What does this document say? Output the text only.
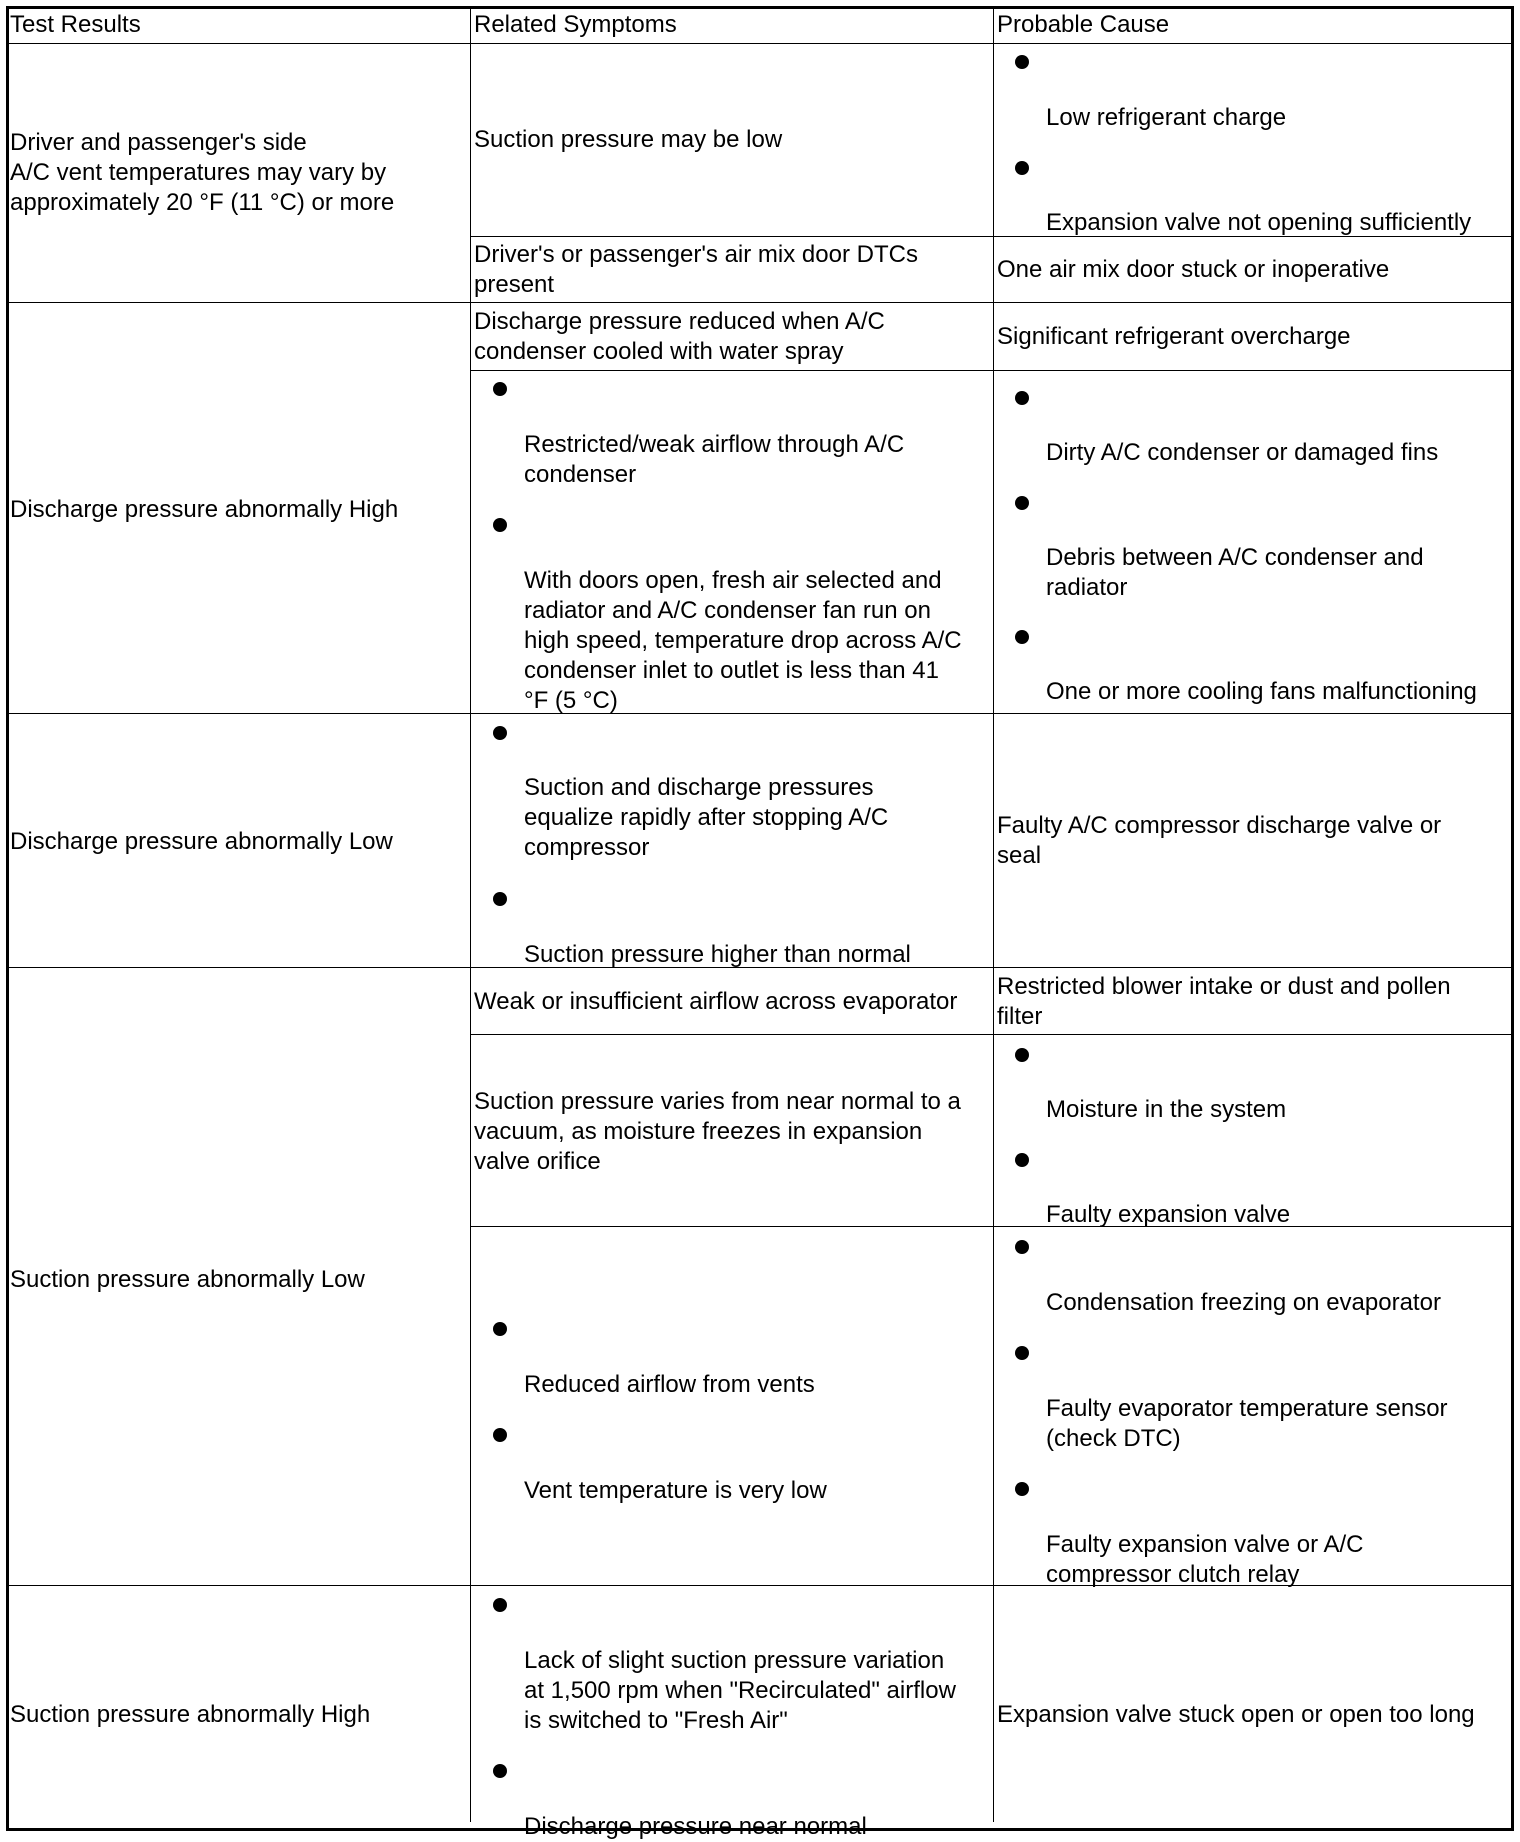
Test Results	Related Symptoms	Probable Cause
Driver and passenger's side
A/C vent temperatures may vary by
approximately 20 °F (11 °C) or more
Suction pressure may be low
Low refrigerant charge
Expansion valve not opening sufficiently
Driver's or passenger's air mix door DTCs
present
One air mix door stuck or inoperative
Discharge pressure abnormally High
Discharge pressure reduced when A/C
condenser cooled with water spray
Significant refrigerant overcharge
Restricted/weak airflow through A/C
condenser
With doors open, fresh air selected and
radiator and A/C condenser fan run on
high speed, temperature drop across A/C
condenser inlet to outlet is less than 41
°F (5 °C)
Dirty A/C condenser or damaged fins
Debris between A/C condenser and
radiator
One or more cooling fans malfunctioning
Discharge pressure abnormally Low
Suction and discharge pressures
equalize rapidly after stopping A/C
compressor
Suction pressure higher than normal
Faulty A/C compressor discharge valve or
seal
Suction pressure abnormally Low
Weak or insufficient airflow across evaporator
Restricted blower intake or dust and pollen
filter
Suction pressure varies from near normal to a
vacuum, as moisture freezes in expansion
valve orifice
Moisture in the system
Faulty expansion valve
Reduced airflow from vents
Vent temperature is very low
Condensation freezing on evaporator
Faulty evaporator temperature sensor
(check DTC)
Faulty expansion valve or A/C
compressor clutch relay
Suction pressure abnormally High
Lack of slight suction pressure variation
at 1,500 rpm when "Recirculated" airflow
is switched to "Fresh Air"
Discharge pressure near normal
Expansion valve stuck open or open too long
